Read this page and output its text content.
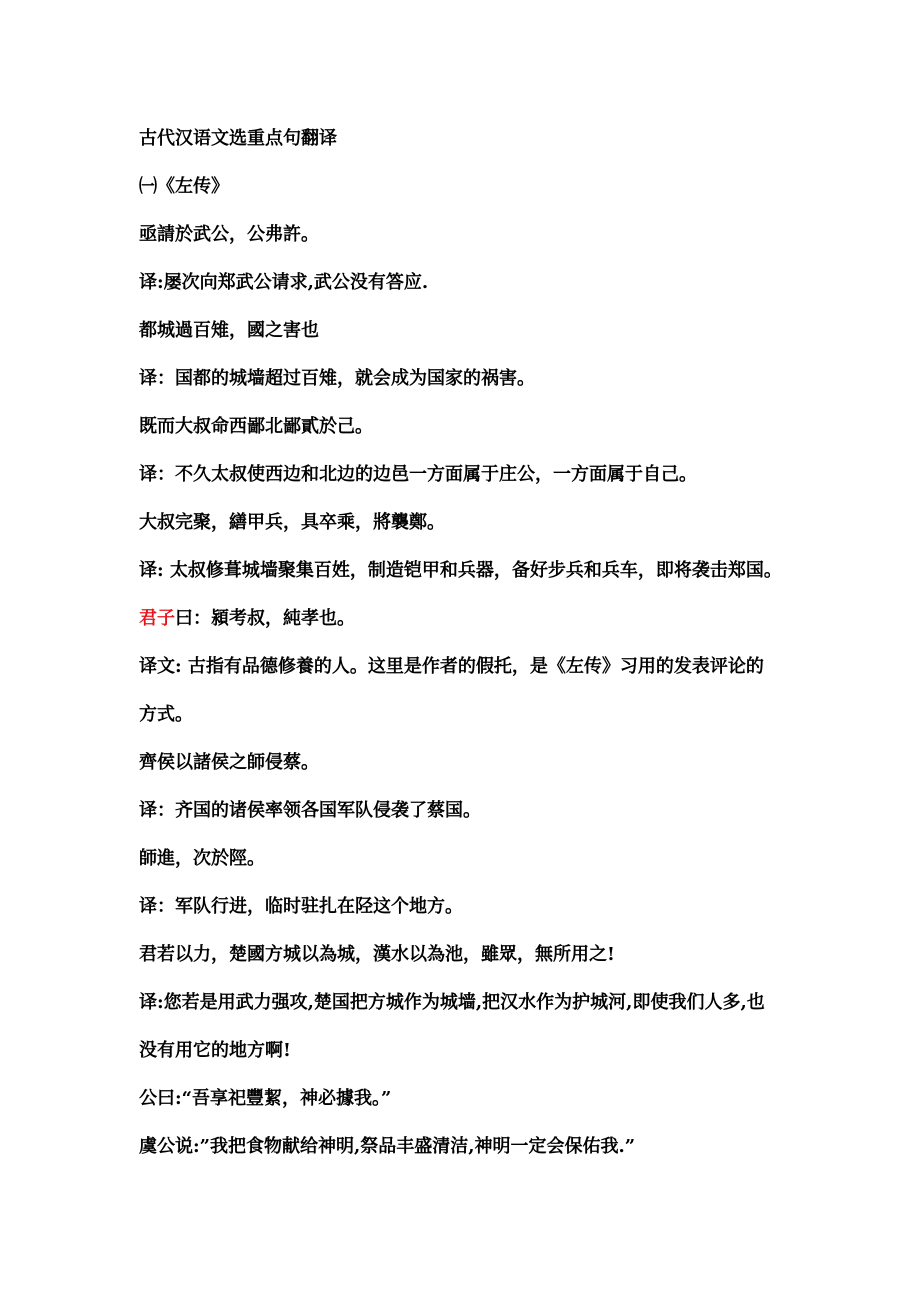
古代汉语文选重点句翻译
㈠《左传》
亟請於武公，公弗許。
译:屡次向郑武公请求,武公没有答应.
都城過百雉，國之害也
译：国都的城墙超过百雉，就会成为国家的祸害。
既而大叔命西鄙北鄙貳於己。
译：不久太叔使西边和北边的边邑一方面属于庄公，一方面属于自己。
大叔完聚，繕甲兵，具卒乘，將襲鄭。
译: 太叔修葺城墙聚集百姓，制造铠甲和兵器，备好步兵和兵车，即将袭击郑国。
君子曰：潁考叔，純孝也。
译文: 古指有品德修養的人。这里是作者的假托，是《左传》习用的发表评论的
方式。
齊侯以諸侯之師侵蔡。
译：齐国的诸侯率领各国军队侵袭了蔡国。
師進，次於陘。
译：军队行进，临时驻扎在陉这个地方。
君若以力，楚國方城以為城，漢水以為池，雖眾，無所用之!
译:您若是用武力强攻,楚国把方城作为城墙,把汉水作为护城河,即使我们人多,也
没有用它的地方啊!
公曰:“吾享祀豐絜，神必據我。”
虞公说:”我把食物献给神明,祭品丰盛清洁,神明一定会保佑我.”
